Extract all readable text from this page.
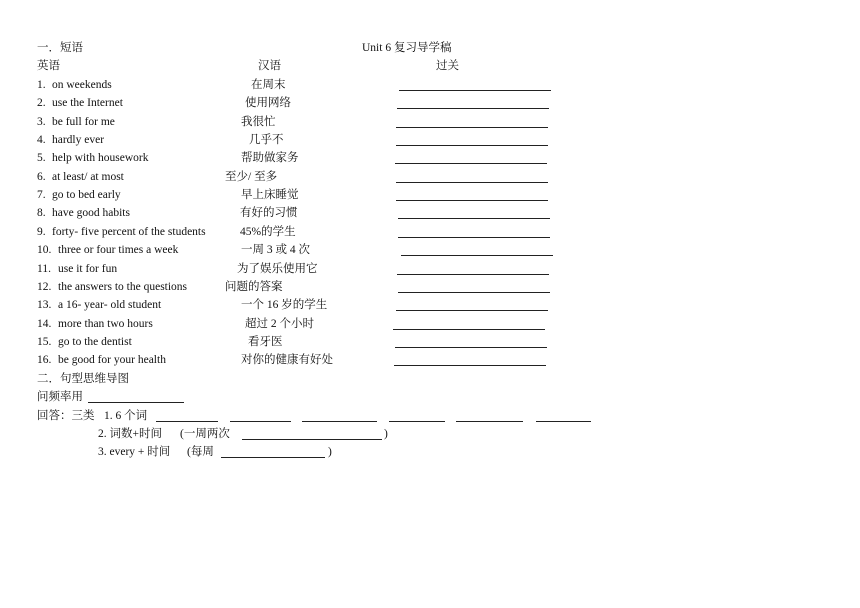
一．短语	Unit 6 复习导学稿
英语	汉语	过关
1. on weekends	在周末
2. use the Internet	使用网络
3. be full for me	我很忙
4. hardly ever	几乎不
5. help with housework	帮助做家务
6. at least/ at most	至少/ 至多
7. go to bed early	早上床睡觉
8. have good habits	有好的习惯
9. forty- five percent of the students	45%的学生
10. three or four times a week	一周 3 或 4 次
11. use it for fun	为了娱乐使用它
12. the answers to the questions	问题的答案
13. a 16- year- old student	一个 16 岁的学生
14. more than two hours	超过 2 个小时
15. go to the dentist	看牙医
16. be good for your health	对你的健康有好处
二．句型思维导图
问频率用
回答：三类 1. 6 个词
2. 词数+时间 (一周两次	)
3. every + 时间 (每周	)
